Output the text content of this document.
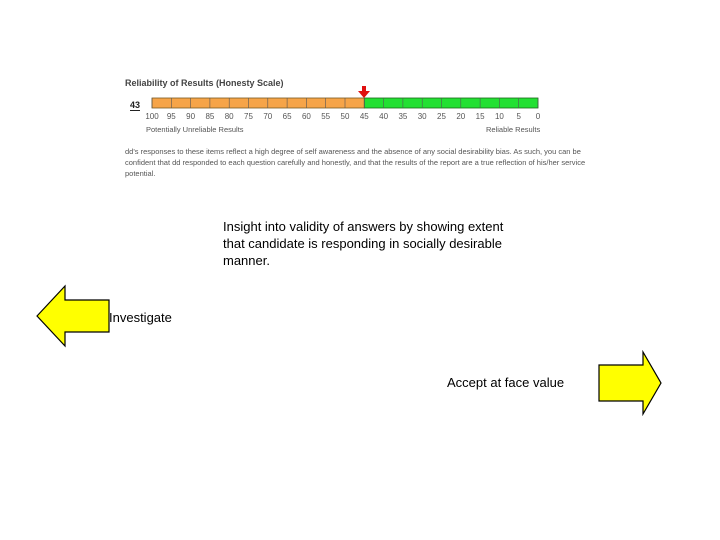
Reliability of Results (Honesty Scale)
43
100 95 90 85 80 75 70 65 60 55 50 45 40 35 30 25 20 15 10 5 0
Potentially Unreliable Results	Reliable Results
dd's responses to these items reflect a high degree of self awareness and the absence of any social desirability bias. As such, you can be confident that dd responded to each question carefully and honestly, and that the results of the report are a true reflection of his/her service potential.
Insight into validity of answers by showing extent that candidate is responding in socially desirable manner.
Investigate
Accept at face value
